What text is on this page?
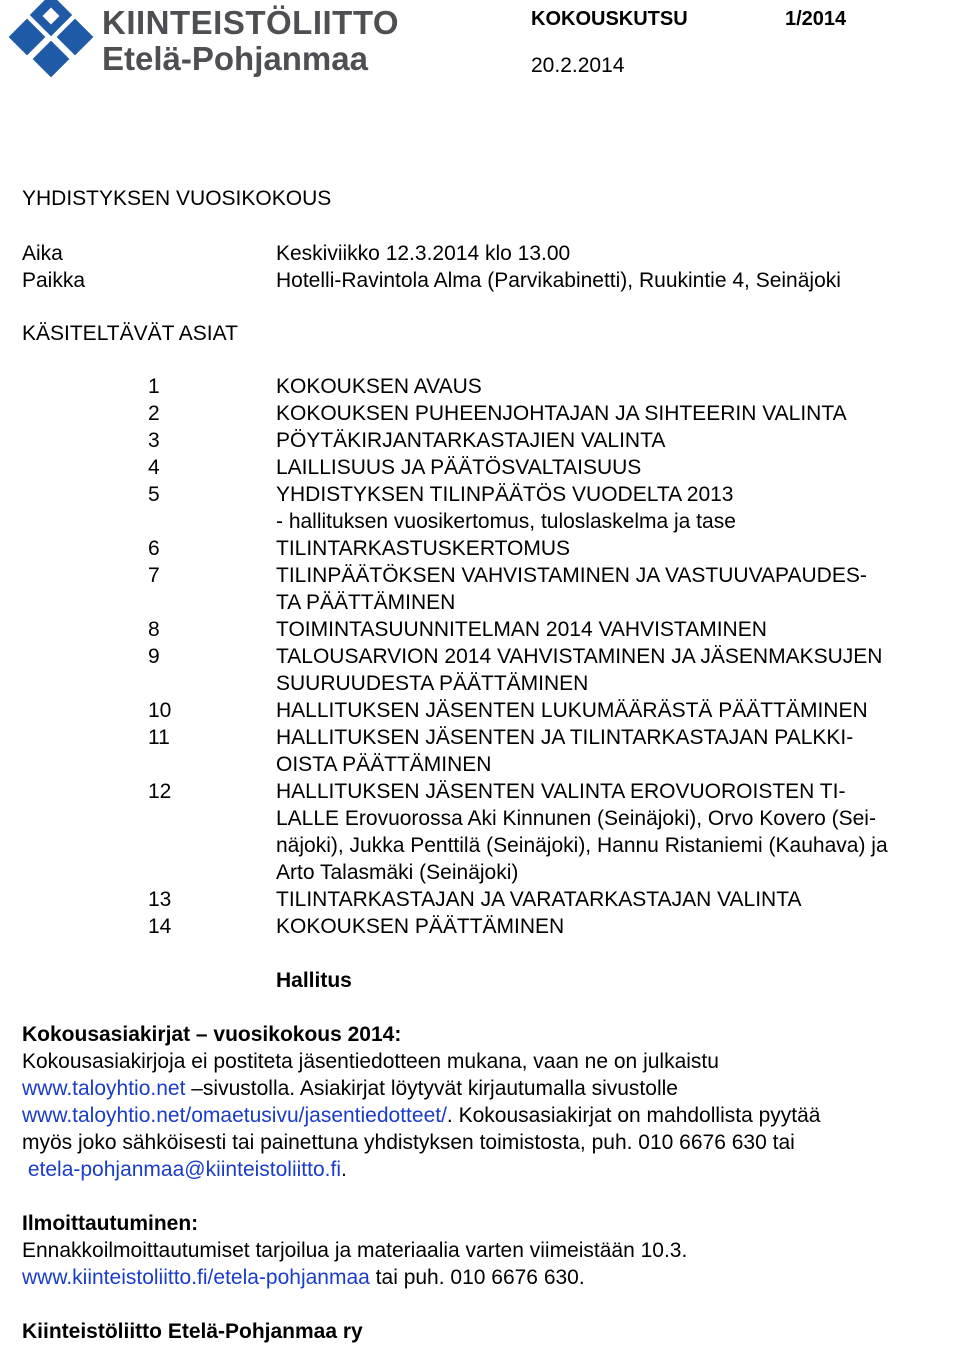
KIINTEISTÖLIITTO
Etelä-Pohjanmaa
KOKOUSKUTSU	1/2014
20.2.2014
YHDISTYKSEN VUOSIKOKOUS
Aika	Keskiviikko 12.3.2014 klo 13.00
Paikka	Hotelli-Ravintola Alma (Parvikabinetti), Ruukintie 4, Seinäjoki
KÄSITELTÄVÄT ASIAT
1	KOKOUKSEN AVAUS
2	KOKOUKSEN PUHEENJOHTAJAN JA SIHTEERIN VALINTA
3	PÖYTÄKIRJANTARKASTAJIEN VALINTA
4	LAILLISUUS JA PÄÄTÖSVALTAISUUS
5	YHDISTYKSEN TILINPÄÄTÖS VUODELTA 2013
- hallituksen vuosikertomus, tuloslaskelma ja tase
6	TILINTARKASTUSKERTOMUS
7	TILINPÄÄTÖKSEN VAHVISTAMINEN JA VASTUUVAPAUDES-
TA PÄÄTTÄMINEN
8	TOIMINTASUUNNITELMAN 2014 VAHVISTAMINEN
9	TALOUSARVION 2014 VAHVISTAMINEN JA JÄSENMAKSUJEN
SUURUUDESTA PÄÄTTÄMINEN
10	HALLITUKSEN JÄSENTEN LUKUMÄÄRÄSTÄ PÄÄTTÄMINEN
11	HALLITUKSEN JÄSENTEN JA TILINTARKASTAJAN PALKKI-
OISTA PÄÄTTÄMINEN
12	HALLITUKSEN JÄSENTEN VALINTA EROVUOROISTEN TI-
LALLE Erovuorossa Aki Kinnunen (Seinäjoki), Orvo Kovero (Sei-
näjoki), Jukka Penttilä (Seinäjoki), Hannu Ristaniemi (Kauhava) ja
Arto Talasmäki (Seinäjoki)
13	TILINTARKASTAJAN JA VARATARKASTAJAN VALINTA
14	KOKOUKSEN PÄÄTTÄMINEN
Hallitus

Kokousasiakirjat – vuosikokous 2014:

Kokousasiakirjoja ei postiteta jäsentiedotteen mukana, vaan ne on julkaistu
www.taloyhtio.net –sivustolla. Asiakirjat löytyvät kirjautumalla sivustolle
www.taloyhtio.net/omaetusivu/jasentiedotteet/. Kokousasiakirjat on mahdollista pyytää
myös joko sähköisesti tai painettuna yhdistyksen toimistosta, puh. 010 6676 630 tai
etela-pohjanmaa@kiinteistoliitto.fi.

Ilmoittautuminen:

Ennakkoilmoittautumiset tarjoilua ja materiaalia varten viimeistään 10.3.
www.kiinteistoliitto.fi/etela-pohjanmaa tai puh. 010 6676 630.

Kiinteistöliitto Etelä-Pohjanmaa ry
